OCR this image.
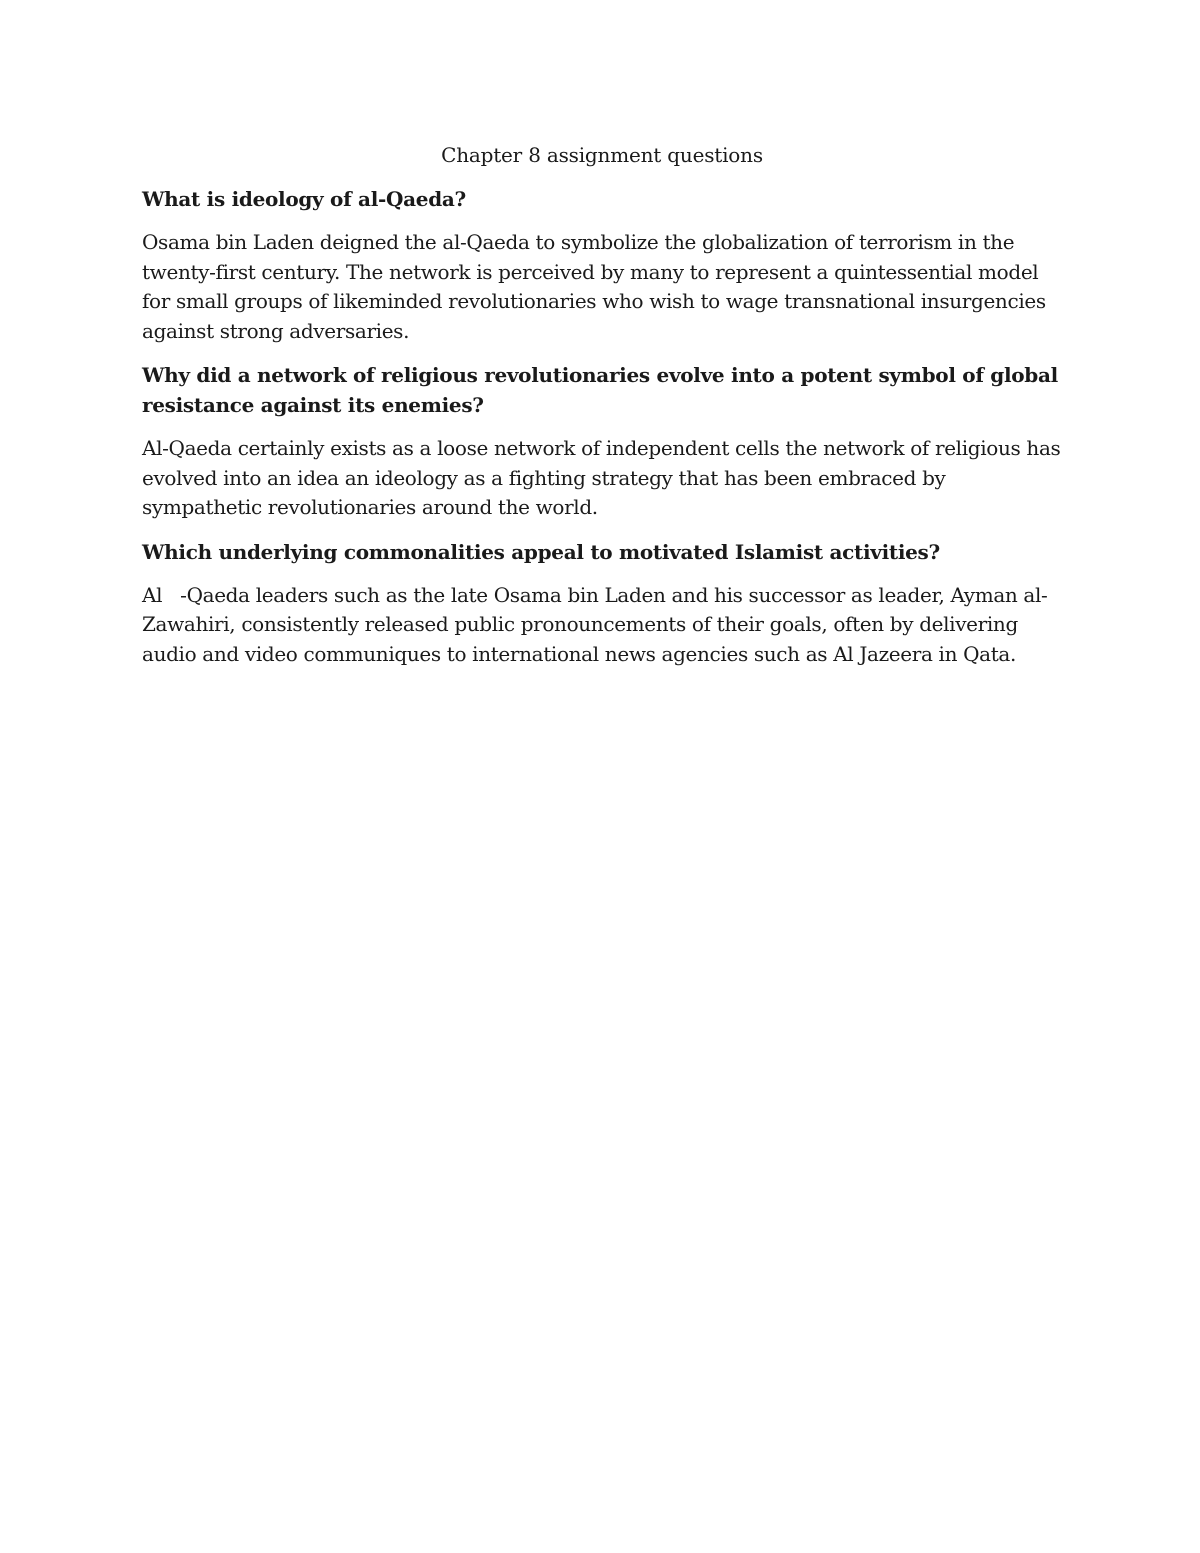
Chapter 8 assignment questions

What is ideology of al-Qaeda?

Osama bin Laden deigned the al-Qaeda to symbolize the globalization of terrorism in the twenty-first century. The network is perceived by many to represent a quintessential model for small groups of likeminded revolutionaries who wish to wage transnational insurgencies against strong adversaries.

Why did a network of religious revolutionaries evolve into a potent symbol of global resistance against its enemies?

Al-Qaeda certainly exists as a loose network of independent cells the network of religious has evolved into an idea an ideology as a fighting strategy that has been embraced by sympathetic revolutionaries around the world.

Which underlying commonalities appeal to motivated Islamist activities?

Al   -Qaeda leaders such as the late Osama bin Laden and his successor as leader, Ayman al-Zawahiri, consistently released public pronouncements of their goals, often by delivering audio and video communiques to international news agencies such as Al Jazeera in Qata.
